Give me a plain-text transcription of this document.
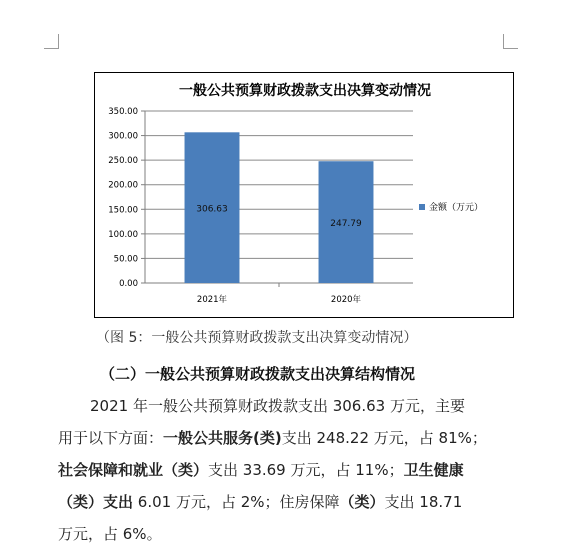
一般公共预算财政拨款支出决算变动情况
0.00
50.00
100.00
150.00
200.00
250.00
300.00
350.00
306.63
247.79
2021年	2020年
金额（万元）
（图 5：一般公共预算财政拨款支出决算变动情况）
（二）一般公共预算财政拨款支出决算结构情况
2021 年一般公共预算财政拨款支出 306.63 万元，主要
用于以下方面：一般公共服务(类)支出 248.22 万元，占 81%；
社会保障和就业（类）支出 33.69 万元，占 11%；卫生健康
（类）支出 6.01 万元，占 2%；住房保障（类）支出 18.71
万元，占 6%。
